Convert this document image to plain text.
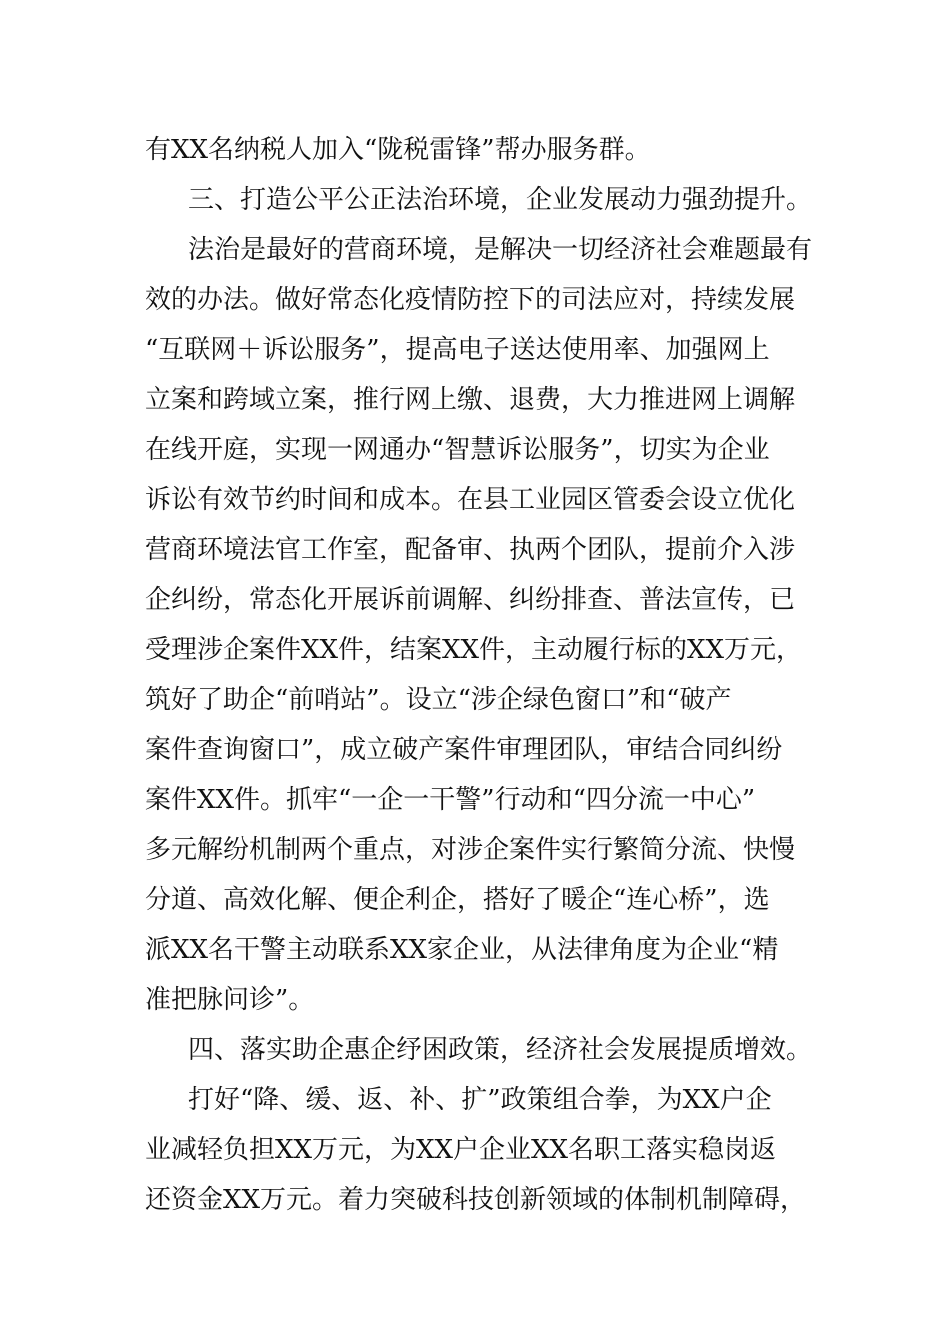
有XX名纳税人加入“陇税雷锋”帮办服务群。

三、打造公平公正法治环境，企业发展动力强劲提升。

法治是最好的营商环境，是解决一切经济社会难题最有

效的办法。做好常态化疫情防控下的司法应对，持续发展

“互联网＋诉讼服务”，提高电子送达使用率、加强网上

立案和跨域立案，推行网上缴、退费，大力推进网上调解

在线开庭，实现一网通办“智慧诉讼服务”，切实为企业

诉讼有效节约时间和成本。在县工业园区管委会设立优化

营商环境法官工作室，配备审、执两个团队，提前介入涉

企纠纷，常态化开展诉前调解、纠纷排查、普法宣传，已

受理涉企案件XX件，结案XX件，主动履行标的XX万元，

筑好了助企“前哨站”。设立“涉企绿色窗口”和“破产

案件查询窗口”，成立破产案件审理团队，审结合同纠纷

案件XX件。抓牢“一企一干警”行动和“四分流一中心”

多元解纷机制两个重点，对涉企案件实行繁简分流、快慢

分道、高效化解、便企利企，搭好了暖企“连心桥”，选

派XX名干警主动联系XX家企业，从法律角度为企业“精

准把脉问诊”。

四、落实助企惠企纾困政策，经济社会发展提质增效。

打好“降、缓、返、补、扩”政策组合拳，为XX户企

业减轻负担XX万元，为XX户企业XX名职工落实稳岗返

还资金XX万元。着力突破科技创新领域的体制机制障碍，
